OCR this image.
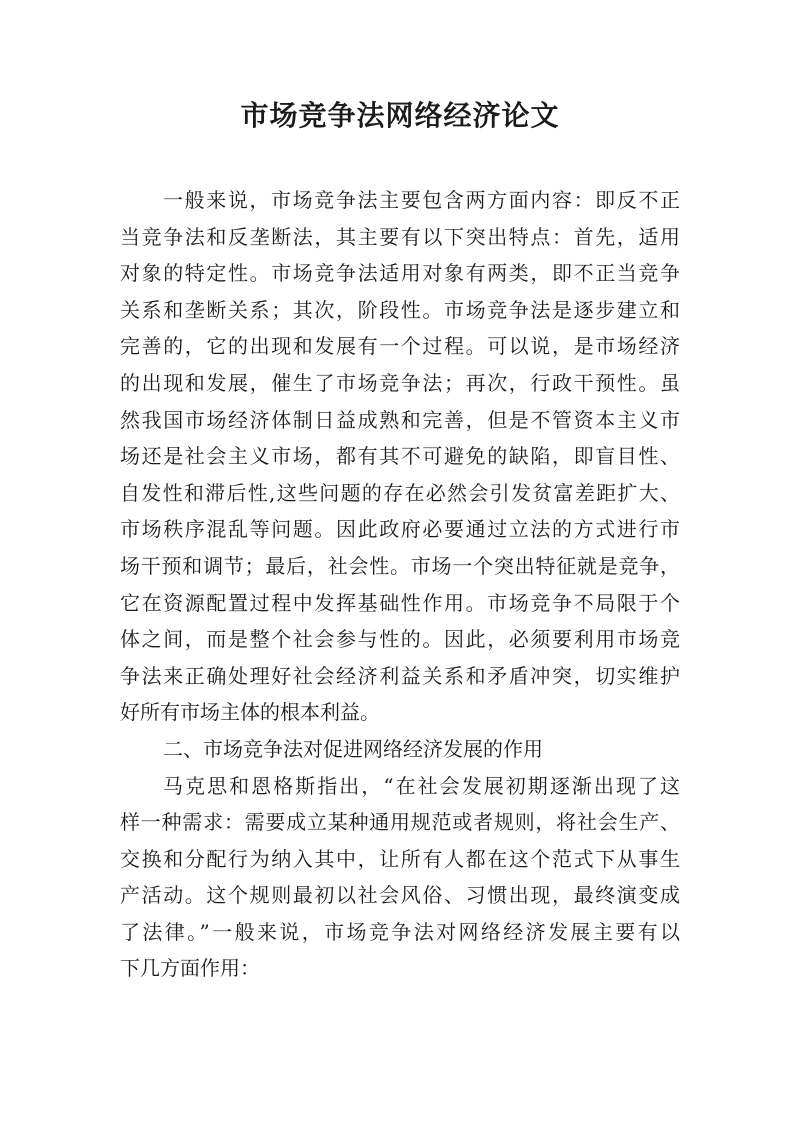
市场竞争法网络经济论文
一般来说，市场竞争法主要包含两方面内容：即反不正
当竞争法和反垄断法，其主要有以下突出特点：首先，适用
对象的特定性。市场竞争法适用对象有两类，即不正当竞争
关系和垄断关系；其次，阶段性。市场竞争法是逐步建立和
完善的，它的出现和发展有一个过程。可以说，是市场经济
的出现和发展，催生了市场竞争法；再次，行政干预性。虽
然我国市场经济体制日益成熟和完善，但是不管资本主义市
场还是社会主义市场，都有其不可避免的缺陷，即盲目性、
自发性和滞后性,这些问题的存在必然会引发贫富差距扩大、
市场秩序混乱等问题。因此政府必要通过立法的方式进行市
场干预和调节；最后，社会性。市场一个突出特征就是竞争，
它在资源配置过程中发挥基础性作用。市场竞争不局限于个
体之间，而是整个社会参与性的。因此，必须要利用市场竞
争法来正确处理好社会经济利益关系和矛盾冲突，切实维护
好所有市场主体的根本利益。
二、市场竞争法对促进网络经济发展的作用
马克思和恩格斯指出，“在社会发展初期逐渐出现了这
样一种需求：需要成立某种通用规范或者规则，将社会生产、
交换和分配行为纳入其中，让所有人都在这个范式下从事生
产活动。这个规则最初以社会风俗、习惯出现，最终演变成
了法律。”一般来说，市场竞争法对网络经济发展主要有以
下几方面作用：
